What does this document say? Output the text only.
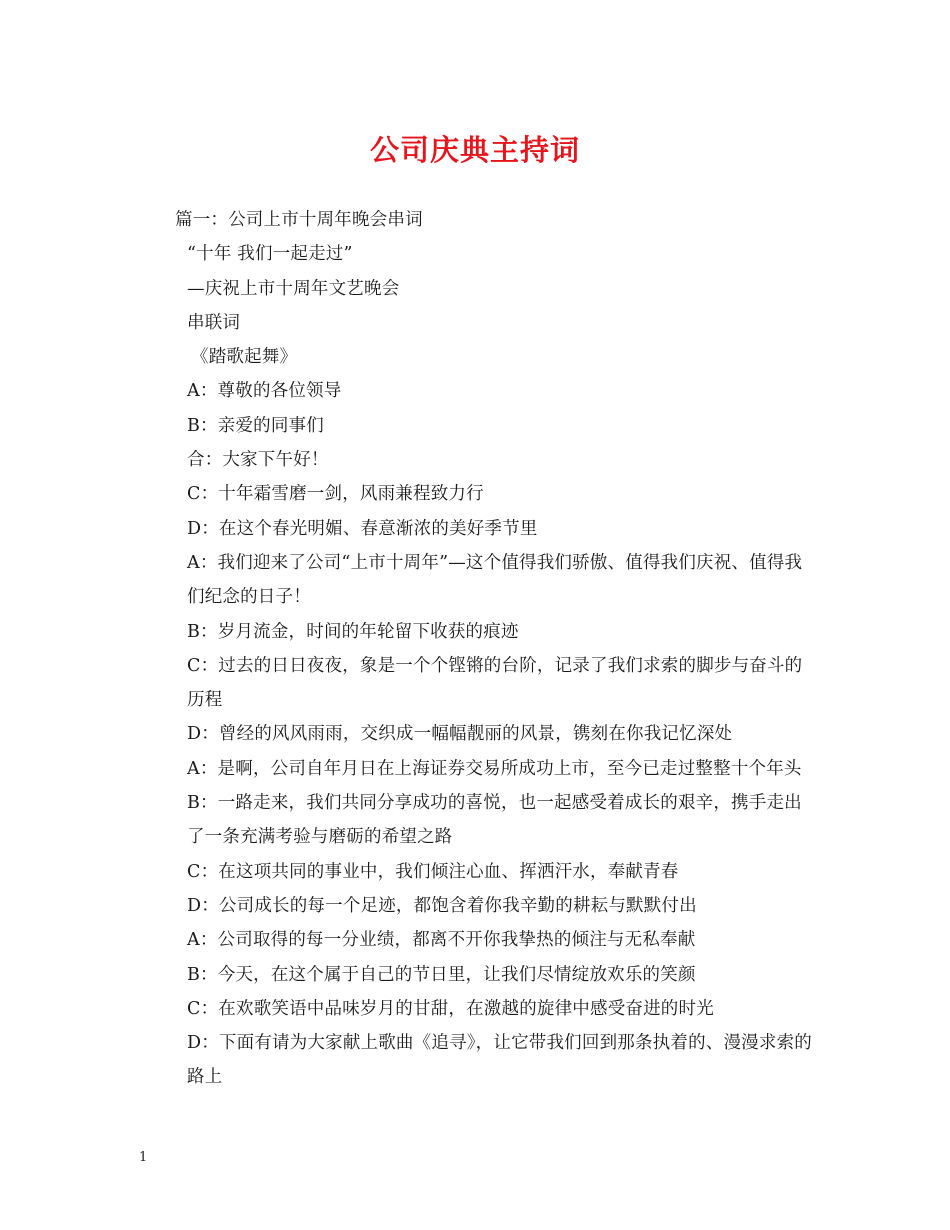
公司庆典主持词

篇一：公司上市十周年晚会串词

“十年 我们一起走过”

—庆祝上市十周年文艺晚会

串联词

《踏歌起舞》

A：尊敬的各位领导

B：亲爱的同事们

合：大家下午好！

C：十年霜雪磨一剑，风雨兼程致力行

D：在这个春光明媚、春意渐浓的美好季节里

A：我们迎来了公司“上市十周年”—这个值得我们骄傲、值得我们庆祝、值得我们纪念的日子！

B：岁月流金，时间的年轮留下收获的痕迹

C：过去的日日夜夜，象是一个个铿锵的台阶，记录了我们求索的脚步与奋斗的历程

D：曾经的风风雨雨，交织成一幅幅靓丽的风景，镌刻在你我记忆深处

A：是啊，公司自年月日在上海证券交易所成功上市，至今已走过整整十个年头 B：一路走来，我们共同分享成功的喜悦，也一起感受着成长的艰辛，携手走出了一条充满考验与磨砺的希望之路

C：在这项共同的事业中，我们倾注心血、挥洒汗水，奉献青春

D：公司成长的每一个足迹，都饱含着你我辛勤的耕耘与默默付出

A：公司取得的每一分业绩，都离不开你我挚热的倾注与无私奉献

B：今天，在这个属于自己的节日里，让我们尽情绽放欢乐的笑颜

C：在欢歌笑语中品味岁月的甘甜，在激越的旋律中感受奋进的时光

D：下面有请为大家献上歌曲《追寻》，让它带我们回到那条执着的、漫漫求索的路上

1
